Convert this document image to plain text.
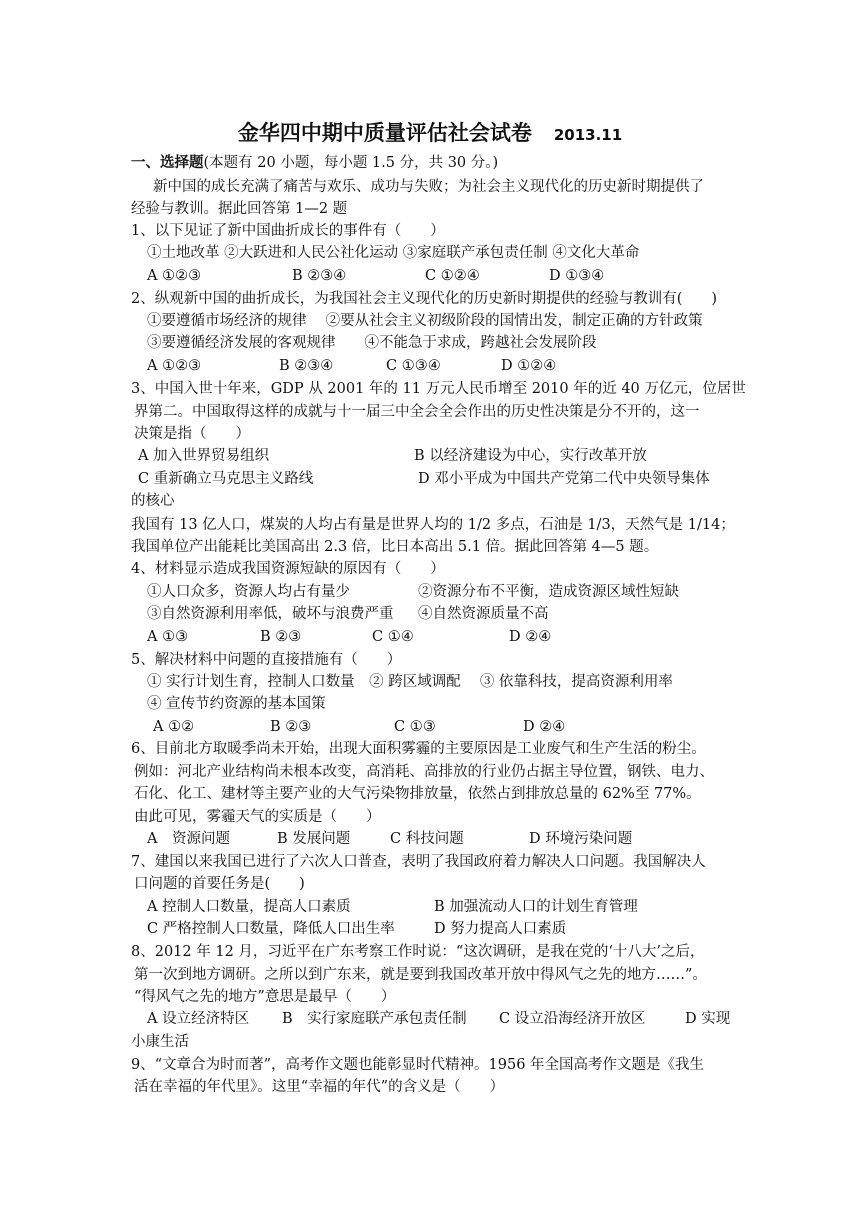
金华四中期中质量评估社会试卷 2013.11
一、选择题(本题有 20 小题，每小题 1.5 分，共 30 分。)
新中国的成长充满了痛苦与欢乐、成功与失败；为社会主义现代化的历史新时期提供了
经验与教训。据此回答第 1—2 题
1、以下见证了新中国曲折成长的事件有（　　）
①土地改革 ②大跃进和人民公社化运动 ③家庭联产承包责任制 ④文化大革命
A ①②③	B ②③④	C ①②④	D ①③④
2、纵观新中国的曲折成长，为我国社会主义现代化的历史新时期提供的经验与教训有(　　)
①要遵循市场经济的规律　 ②要从社会主义初级阶段的国情出发，制定正确的方针政策
③要遵循经济发展的客观规律　　④不能急于求成，跨越社会发展阶段
A ①②③	B ②③④	C ①③④	D ①②④
3、中国入世十年来，GDP 从 2001 年的 11 万元人民币增至 2010 年的近 40 万亿元，位居世
界第二。中国取得这样的成就与十一届三中全会全会作出的历史性决策是分不开的，这一
决策是指（　　）
A 加入世界贸易组织	B 以经济建设为中心，实行改革开放
C 重新确立马克思主义路线	D 邓小平成为中国共产党第二代中央领导集体
的核心
我国有 13 亿人口，煤炭的人均占有量是世界人均的 1/2 多点，石油是 1/3，天然气是 1/14；
我国单位产出能耗比美国高出 2.3 倍，比日本高出 5.1 倍。据此回答第 4—5 题。
4、材料显示造成我国资源短缺的原因有（　　）
①人口众多，资源人均占有量少	②资源分布不平衡，造成资源区域性短缺
③自然资源利用率低，破坏与浪费严重 ④自然资源质量不高
A ①③	B ②③	C ①④	D ②④
5、解决材料中问题的直接措施有（　　）
① 实行计划生育，控制人口数量　② 跨区域调配　 ③ 依靠科技，提高资源利用率
④ 宣传节约资源的基本国策
A ①②	B ②③	C ①③	D ②④
6、目前北方取暖季尚未开始，出现大面积雾霾的主要原因是工业废气和生产生活的粉尘。
例如：河北产业结构尚未根本改变，高消耗、高排放的行业仍占据主导位置，钢铁、电力、
石化、化工、建材等主要产业的大气污染物排放量，依然占到排放总量的 62%至 77%。
由此可见，雾霾天气的实质是（　　）
A　资源问题	B 发展问题	C 科技问题	D 环境污染问题
7、建国以来我国已进行了六次人口普查，表明了我国政府着力解决人口问题。我国解决人
口问题的首要任务是(　　)
A 控制人口数量，提高人口素质	B 加强流动人口的计划生育管理
C 严格控制人口数量，降低人口出生率	D 努力提高人口素质
8、2012 年 12 月，习近平在广东考察工作时说：“这次调研，是我在党的‘十八大’之后，
第一次到地方调研。之所以到广东来，就是要到我国改革开放中得风气之先的地方……”。
“得风气之先的地方”意思是最早（　　）
A 设立经济特区 B　实行家庭联产承包责任制 C 设立沿海经济开放区	D 实现
小康生活
9、“文章合为时而著”，高考作文题也能彰显时代精神。1956 年全国高考作文题是《我生
活在幸福的年代里》。这里“幸福的年代”的含义是（　　）
